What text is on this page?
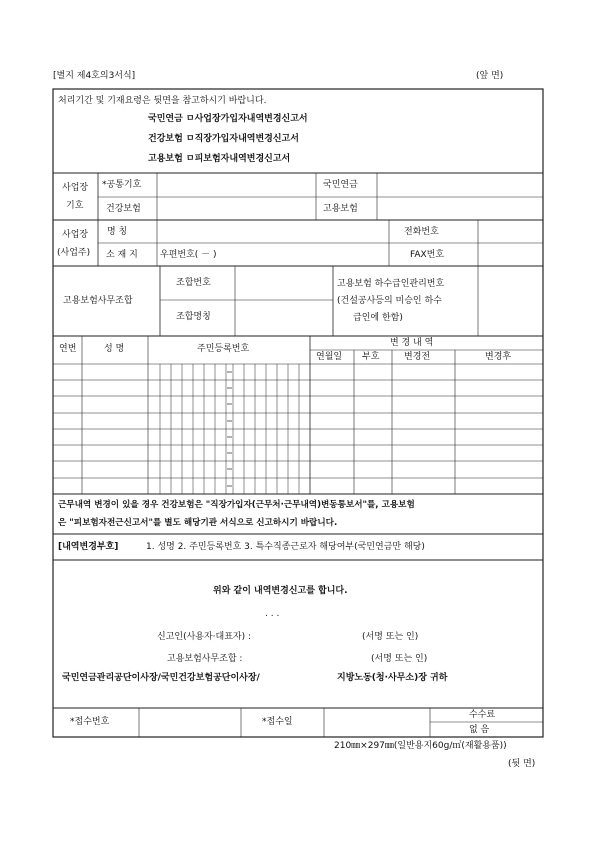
[별지 제4호의3서식]	(앞 면)
처리기간 및 기재요령은 뒷면을 참고하시기 바랍니다.
국민연금 ㅁ사업장가입자내역변경신고서
건강보험 ㅁ직장가입자내역변경신고서
고용보험 ㅁ피보험자내역변경신고서
사업장
기호
*공통기호	국민연금
건강보험	고용보험
사업장
(사업주)
명 칭	전화번호
소 재 지 우편번호( － )	FAX번호
고용보험사무조합
조합번호
조합명칭
고용보험 하수급인관리번호
(건설공사등의 미승인 하수
급인에 한함)
연번	성 명	주민등록번호
변 경 내 역
연월일 부호	변경전	변경후
근무내역 변경이 있을 경우 건강보험은 "직장가입자(근무처·근무내역)변동통보서"를, 고용보험
은 "피보험자전근신고서"를 별도 해당기관 서식으로 신고하시기 바랍니다.
[내역변경부호]	1. 성명 2. 주민등록번호 3. 특수직종근로자 해당여부(국민연금만 해당)
위와 같이 내역변경신고를 합니다.
. . .
신고인(사용자·대표자) :	(서명 또는 인)
고용보험사무조합 :	(서명 또는 인)
국민연금관리공단이사장/국민건강보험공단이사장/	지방노동(청·사무소)장 귀하
*접수번호	*접수일
수수료
없 음
210㎜×297㎜(일반용지60g/㎡(재활용품))
(뒷 면)
